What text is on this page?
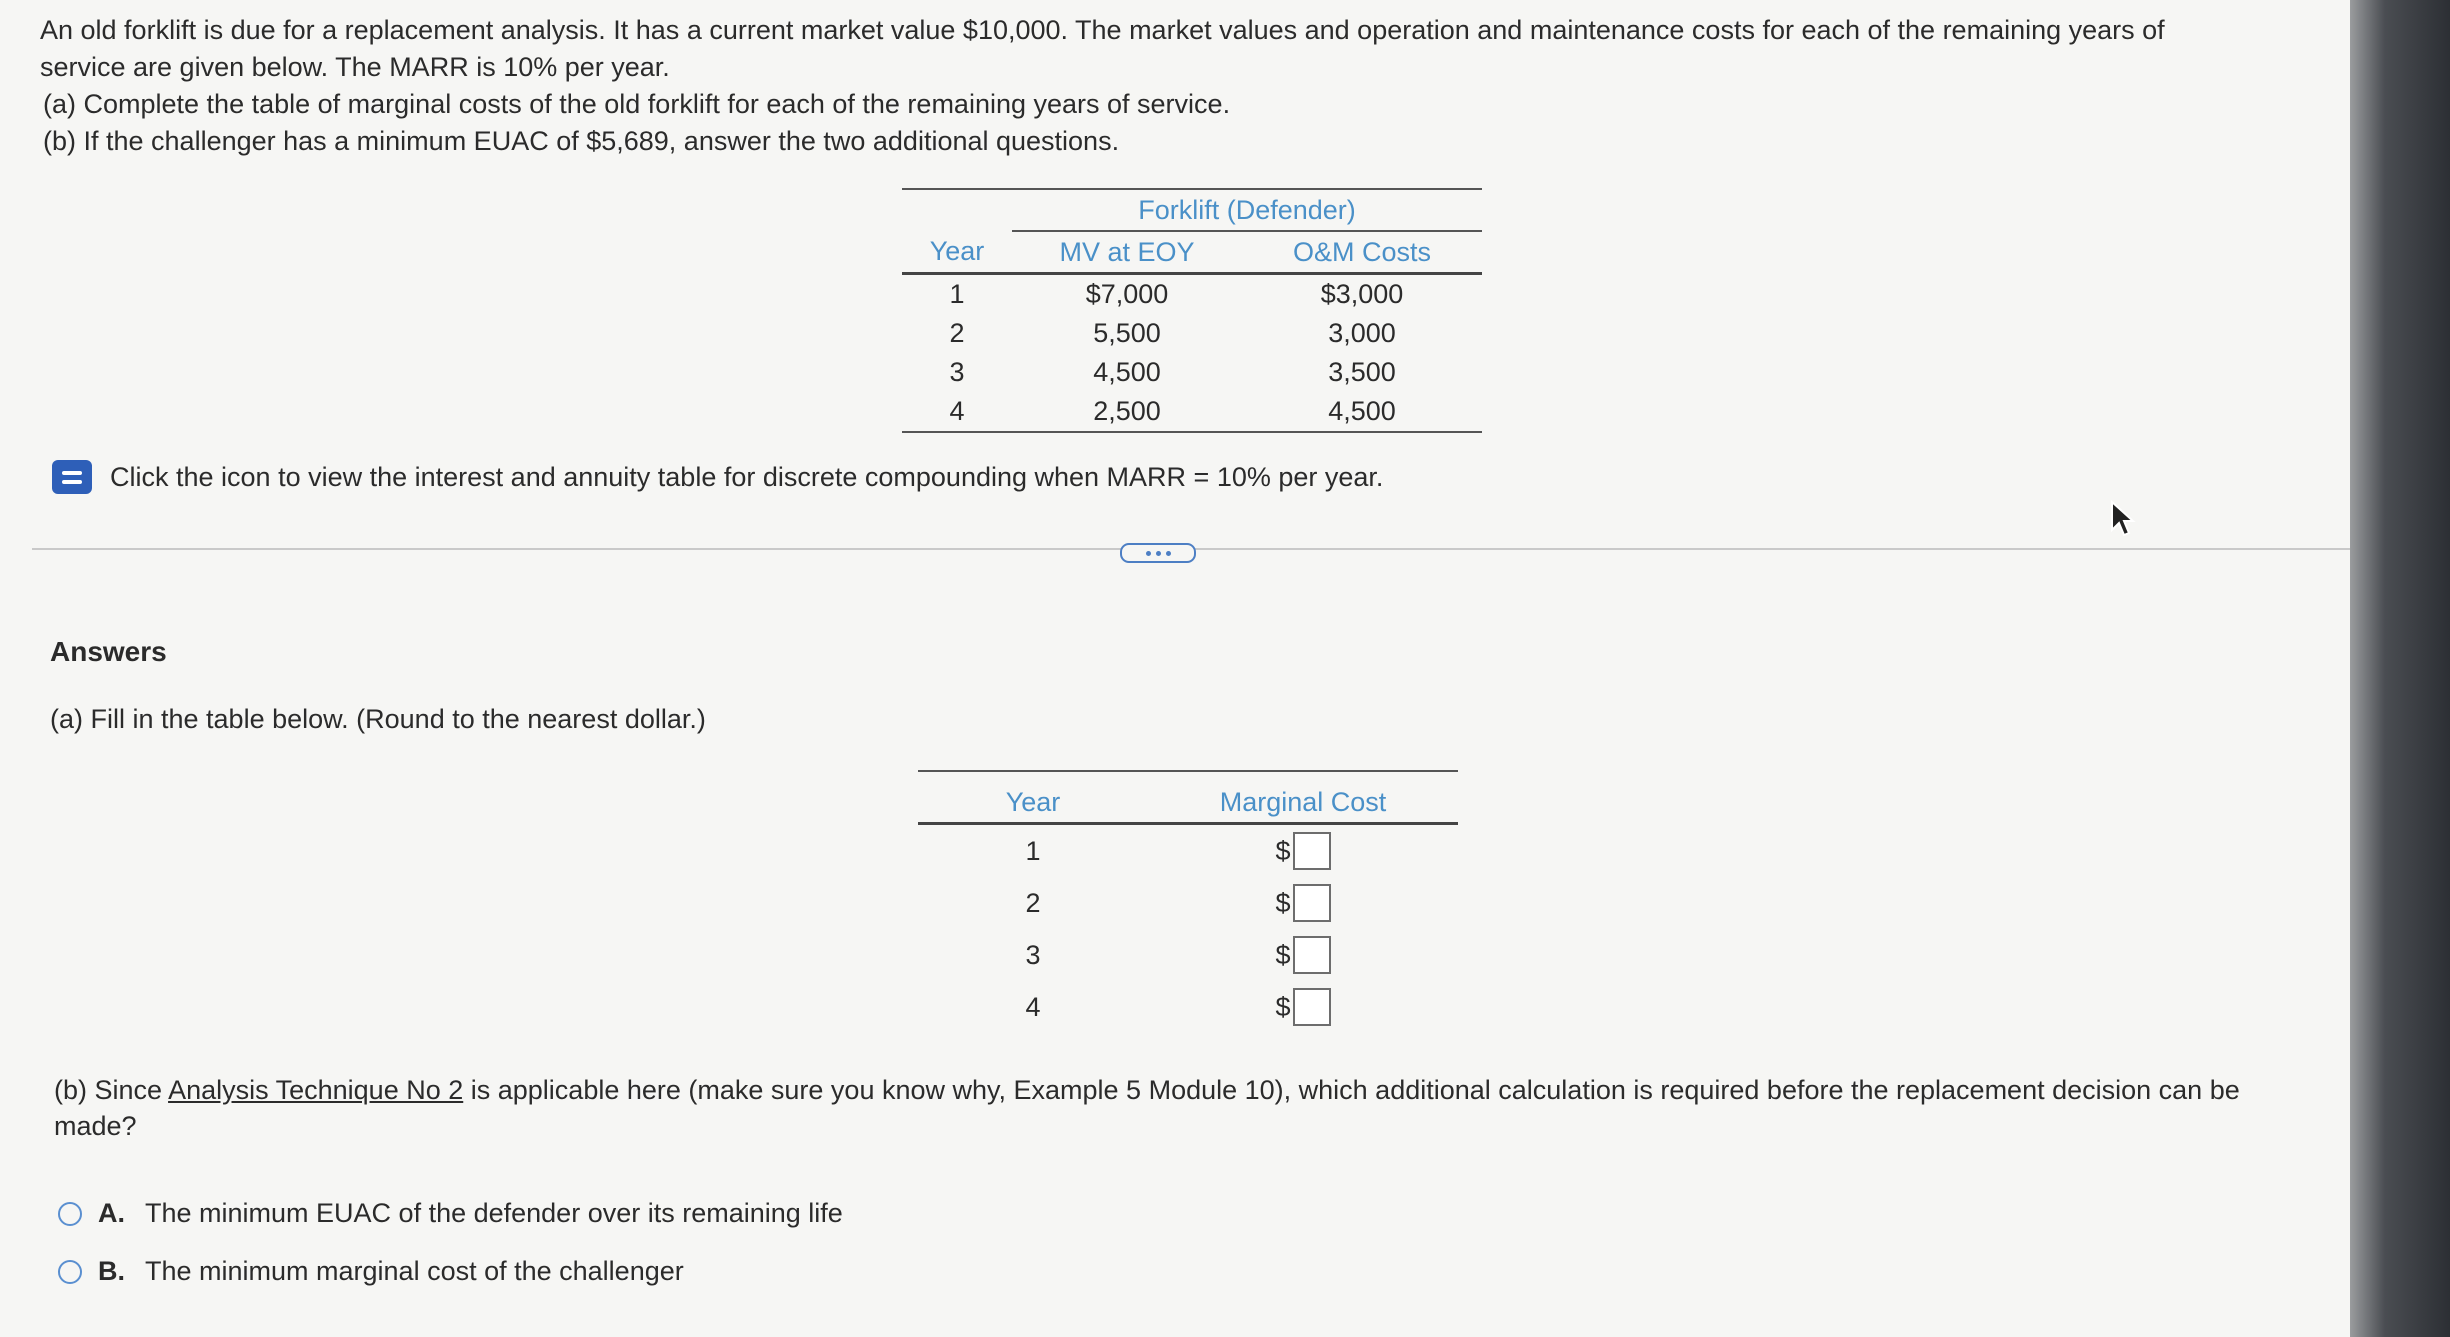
An old forklift is due for a replacement analysis. It has a current market value $10,000. The market values and operation and maintenance costs for each of the remaining years of

service are given below. The MARR is 10% per year.

(a) Complete the table of marginal costs of the old forklift for each of the remaining years of service.

(b) If the challenger has a minimum EUAC of $5,689, answer the two additional questions.

	Forklift (Defender)	
Year	MV at EOY	O&M Costs
1	$7,000	$3,000
2	5,500	3,000
3	4,500	3,500
4	2,500	4,500
Click the icon to view the interest and annuity table for discrete compounding when MARR = 10% per year.
Answers
(a) Fill in the table below. (Round to the nearest dollar.)
Year	Marginal Cost
1	$

2	$

3	$

4	$
(b) Since Analysis Technique No 2 is applicable here (make sure you know why, Example 5 Module 10), which additional calculation is required before the replacement decision can be made?
A. The minimum EUAC of the defender over its remaining life
B. The minimum marginal cost of the challenger
